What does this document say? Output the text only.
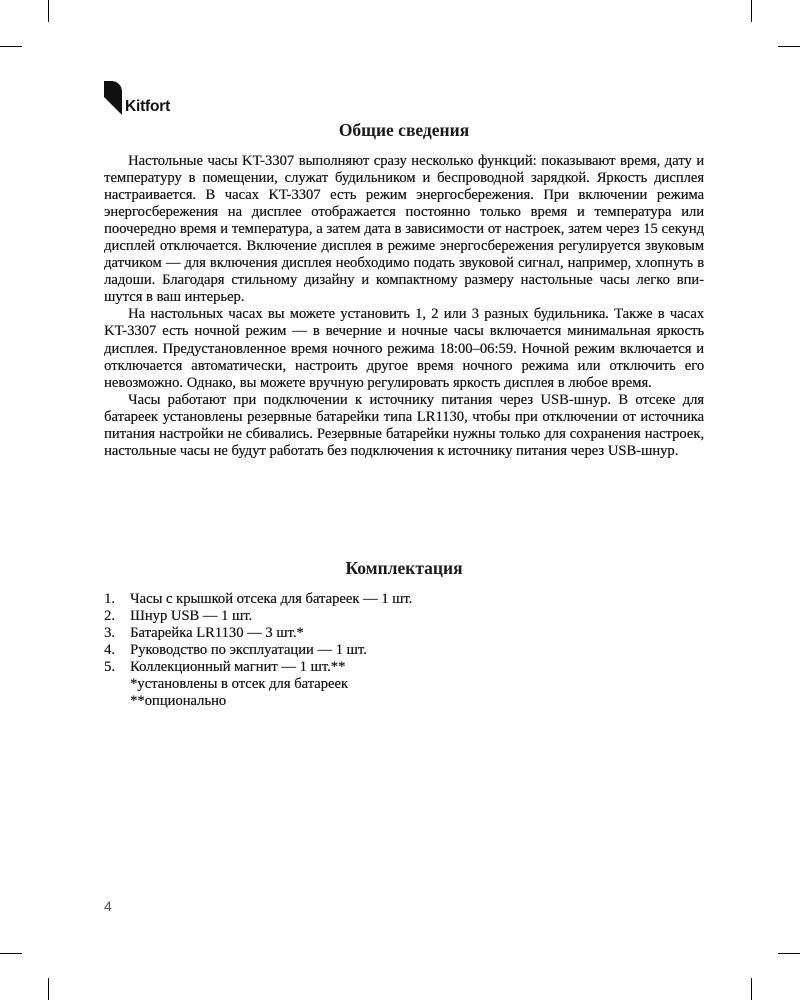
Kitfort
Общие сведения

Настольные часы KT-3307 выполняют сразу несколько функций: показывают время, дату и температуру в помещении, служат будильником и беспроводной зарядкой. Яркость дисплея настраивается. В часах KT-3307 есть режим энергосбережения. При включении режима энергосбережения на дисплее отображается постоянно только время и температура или поочередно время и температура, а затем дата в зависимости от настроек, затем через 15 секунд дисплей отключается. Включение дисплея в режиме энергосбережения регулируется звуковым датчиком — для включения дисплея необходимо подать звуковой сигнал, например, хлопнуть в ладоши. Благодаря стильному дизайну и компактному размеру настольные часы легко впишутся в ваш интерьер.

На настольных часах вы можете установить 1, 2 или 3 разных будильника. Также в часах KT-3307 есть ночной режим — в вечерние и ночные часы включается минимальная яркость дисплея. Предустановленное время ночного режима 18:00–06:59. Ночной режим включается и отключается автоматически, настроить другое время ночного режима или отключить его невозможно. Однако, вы можете вручную регулировать яркость дисплея в любое время.

Часы работают при подключении к источнику питания через USB-шнур. В отсеке для батареек установлены резервные батарейки типа LR1130, чтобы при отключении от источника питания настройки не сбивались. Резервные батарейки нужны только для сохранения настроек, настольные часы не будут работать без подключения к источнику питания через USB-шнур.

Комплектация
1.	Часы с крышкой отсека для батареек — 1 шт.
2.	Шнур USB — 1 шт.
3.	Батарейка LR1130 — 3 шт.*
4.	Руководство по эксплуатации — 1 шт.
5.	Коллекционный магнит — 1 шт.**
*установлены в отсек для батареек
**опционально
4
